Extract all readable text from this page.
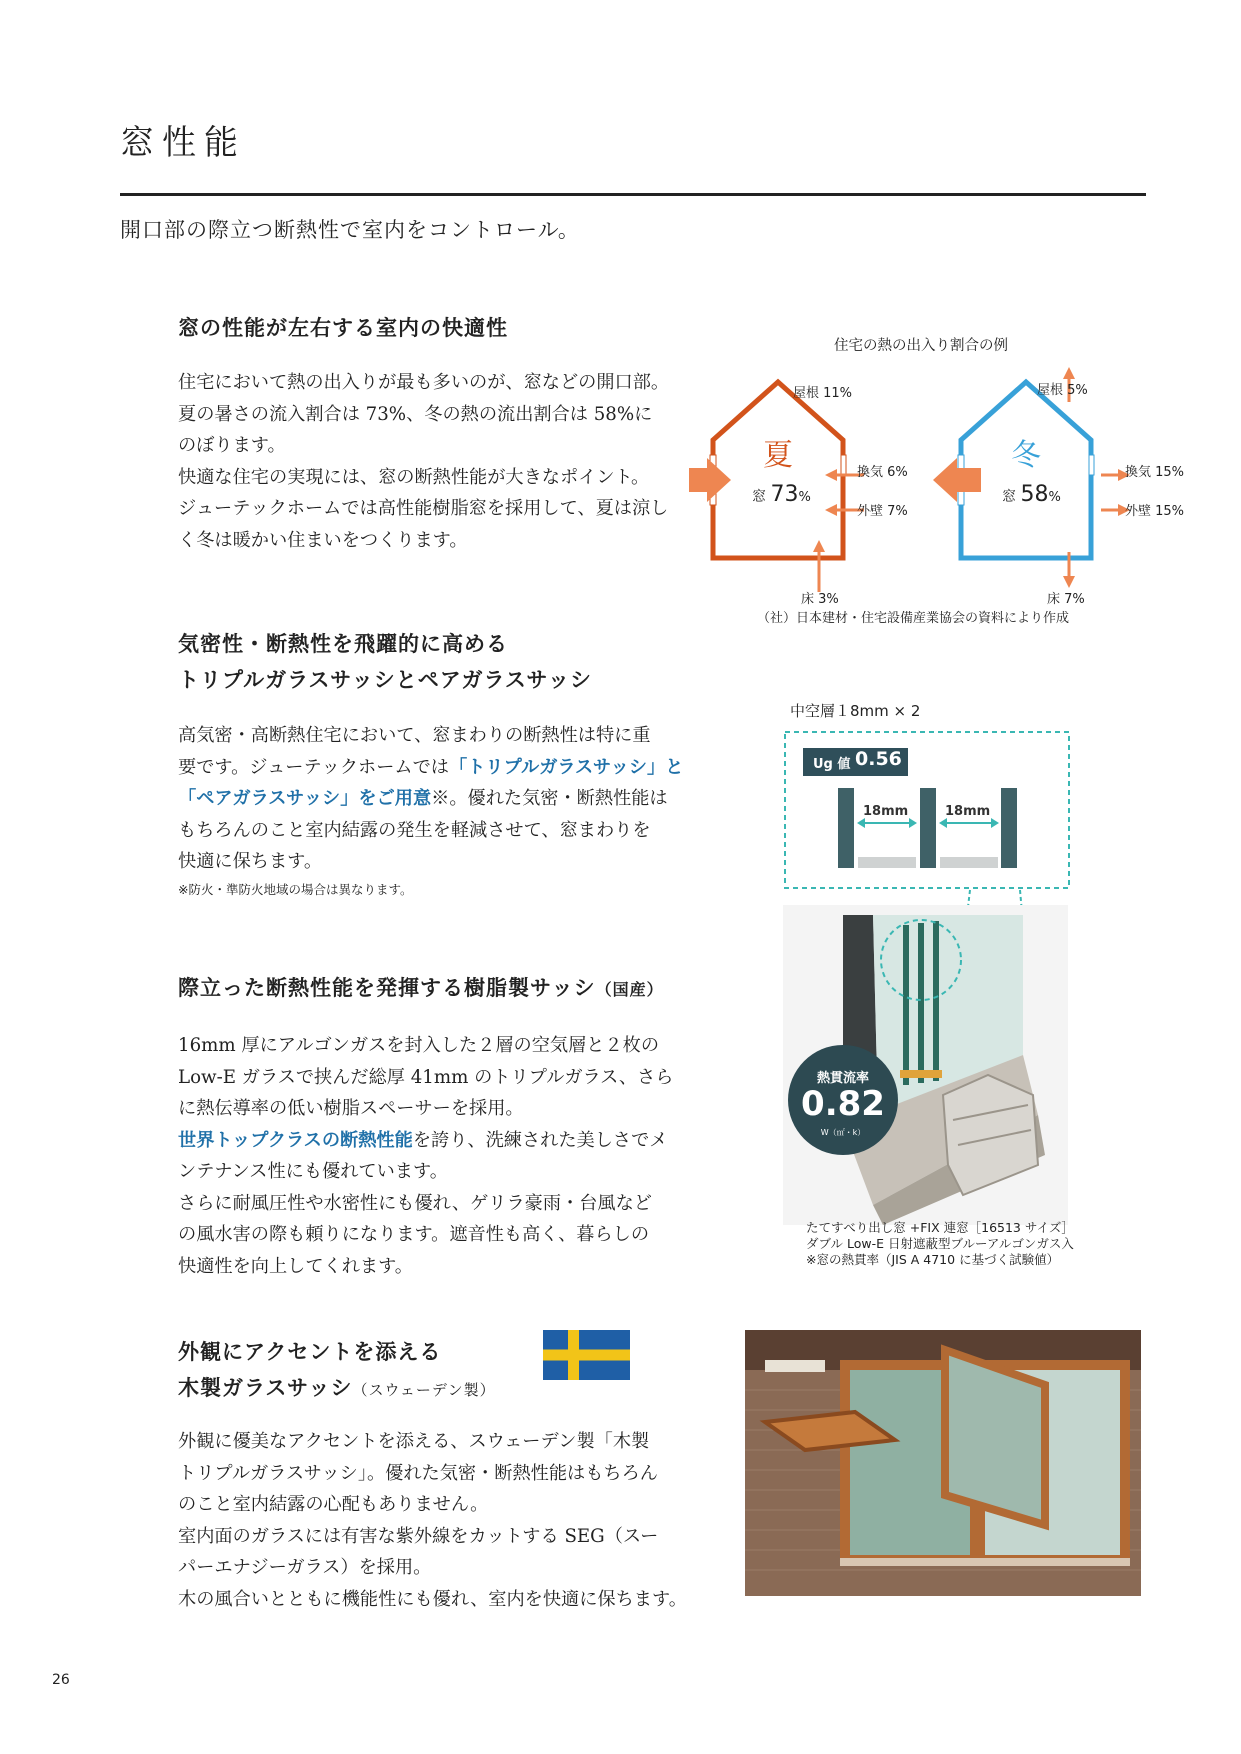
窓性能
開口部の際立つ断熱性で室内をコントロール。
窓の性能が左右する室内の快適性
住宅において熱の出入りが最も多いのが、窓などの開口部。
夏の暑さの流入割合は 73%、冬の熱の流出割合は 58%に
のぼります。
快適な住宅の実現には、窓の断熱性能が大きなポイント。
ジューテックホームでは高性能樹脂窓を採用して、夏は涼し
く冬は暖かい住まいをつくります。
住宅の熱の出入り割合の例
屋根 11%
夏
窓 73%
換気 6%
外壁 7%
床 3%
屋根 5%
冬
窓 58%
換気 15%
外壁 15%
床 7%
（社）日本建材・住宅設備産業協会の資料により作成
気密性・断熱性を飛躍的に高める
トリプルガラスサッシとペアガラスサッシ
高気密・高断熱住宅において、窓まわりの断熱性は特に重
要です。ジューテックホームでは「トリプルガラスサッシ」と
「ペアガラスサッシ」をご用意※。優れた気密・断熱性能は
もちろんのこと室内結露の発生を軽減させて、窓まわりを
快適に保ちます。
※防火・準防火地域の場合は異なります。
中空層１8mm × 2
Ug 値 0.56
18mm	18mm
熱貫流率
0.82
W（㎡・k）
たてすべり出し窓 +FIX 連窓［16513 サイズ］
ダブル Low-E 日射遮蔽型ブルーアルゴンガス入
※窓の熱貫率（JIS A 4710 に基づく試験値）
際立った断熱性能を発揮する樹脂製サッシ（国産）
16mm 厚にアルゴンガスを封入した２層の空気層と２枚の
Low-E ガラスで挟んだ総厚 41mm のトリプルガラス、さら
に熱伝導率の低い樹脂スペーサーを採用。
世界トップクラスの断熱性能を誇り、洗練された美しさでメ
ンテナンス性にも優れています。
さらに耐風圧性や水密性にも優れ、ゲリラ豪雨・台風など
の風水害の際も頼りになります。遮音性も高く、暮らしの
快適性を向上してくれます。
外観にアクセントを添える
木製ガラスサッシ（スウェーデン製）
外観に優美なアクセントを添える、スウェーデン製「木製
トリプルガラスサッシ」。優れた気密・断熱性能はもちろん
のこと室内結露の心配もありません。
室内面のガラスには有害な紫外線をカットする SEG（スー
パーエナジーガラス）を採用。
木の風合いとともに機能性にも優れ、室内を快適に保ちます。
26
